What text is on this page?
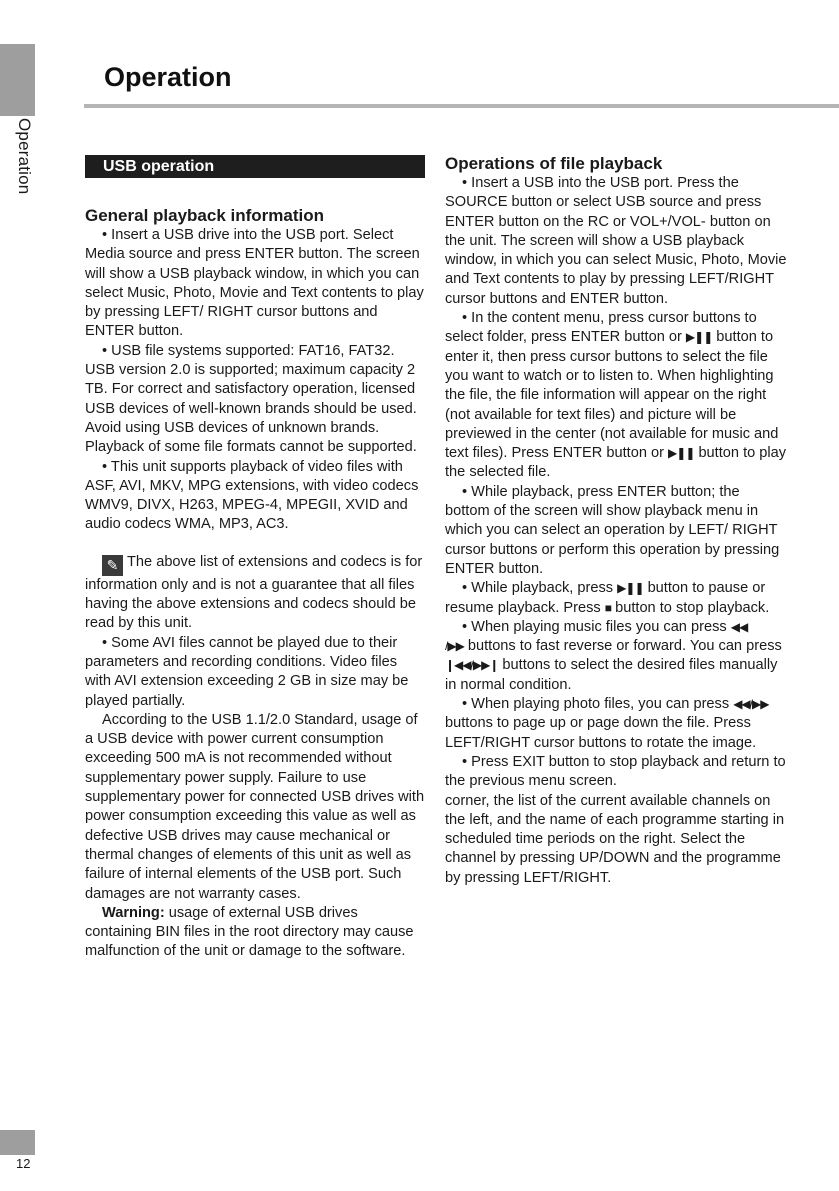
Operation
Operation
USB operation

General playback information

• Insert a USB drive into the USB port. Select Media source and press ENTER button. The screen will show a USB playback window, in which you can select Music, Photo, Movie and Text contents to play by pressing LEFT/ RIGHT cursor buttons and ENTER button.

• USB file systems supported: FAT16, FAT32. USB version 2.0 is supported; maximum capacity 2 TB. For correct and satisfactory operation, licensed USB devices of well-known brands should be used. Avoid using USB devices of unknown brands. Playback of some file formats cannot be supported.

• This unit supports playback of video files with ASF, AVI, MKV, MPG extensions, with video codecs WMV9, DIVX, H263, MPEG-4, MPEGII, XVID and audio codecs WMA, MP3, AC3.

✎ The above list of extensions and codecs is for information only and is not a guarantee that all files having the above extensions and codecs should be read by this unit.

• Some AVI files cannot be played due to their parameters and recording conditions. Video files with AVI extension exceeding 2 GB in size may be played partially.

According to the USB 1.1/2.0 Standard, usage of a USB device with power current consumption exceeding 500 mA is not recommended without supplementary power supply. Failure to use supplementary power for connected USB drives with power consumption exceeding this value as well as defective USB drives may cause mechanical or thermal changes of elements of this unit as well as failure of internal elements of the USB port. Such damages are not warranty cases.

Warning: usage of external USB drives containing BIN files in the root directory may cause malfunction of the unit or damage to the software.

Operations of file playback

• Insert a USB into the USB port. Press the SOURCE button or select USB source and press ENTER button on the RC or VOL+/VOL- button on the unit. The screen will show a USB playback window, in which you can select Music, Photo, Movie and Text contents to play by pressing LEFT/RIGHT cursor buttons and ENTER button.

• In the content menu, press cursor buttons to select folder, press ENTER button or ▶❚❚ button to enter it, then press cursor buttons to select the file you want to watch or to listen to. When highlighting the file, the file information will appear on the right (not available for text files) and picture will be previewed in the center (not available for music and text files). Press ENTER button or ▶❚❚ button to play the selected file.

• While playback, press ENTER button; the bottom of the screen will show playback menu in which you can select an operation by LEFT/ RIGHT cursor buttons or perform this operation by pressing ENTER button.

• While playback, press ▶❚❚ button to pause or resume playback. Press ■ button to stop playback.

• When playing music files you can press ◀◀
/▶▶ buttons to fast reverse or forward. You can press ❙◀◀/▶▶❙ buttons to select the desired files manually in normal condition.

• When playing photo files, you can press ◀◀/▶▶ buttons to page up or page down the file. Press LEFT/RIGHT cursor buttons to rotate the image.

• Press EXIT button to stop playback and return to the previous menu screen.

corner, the list of the current available channels on the left, and the name of each programme starting in scheduled time periods on the right. Select the channel by pressing UP/DOWN and the programme by pressing LEFT/RIGHT.

12
